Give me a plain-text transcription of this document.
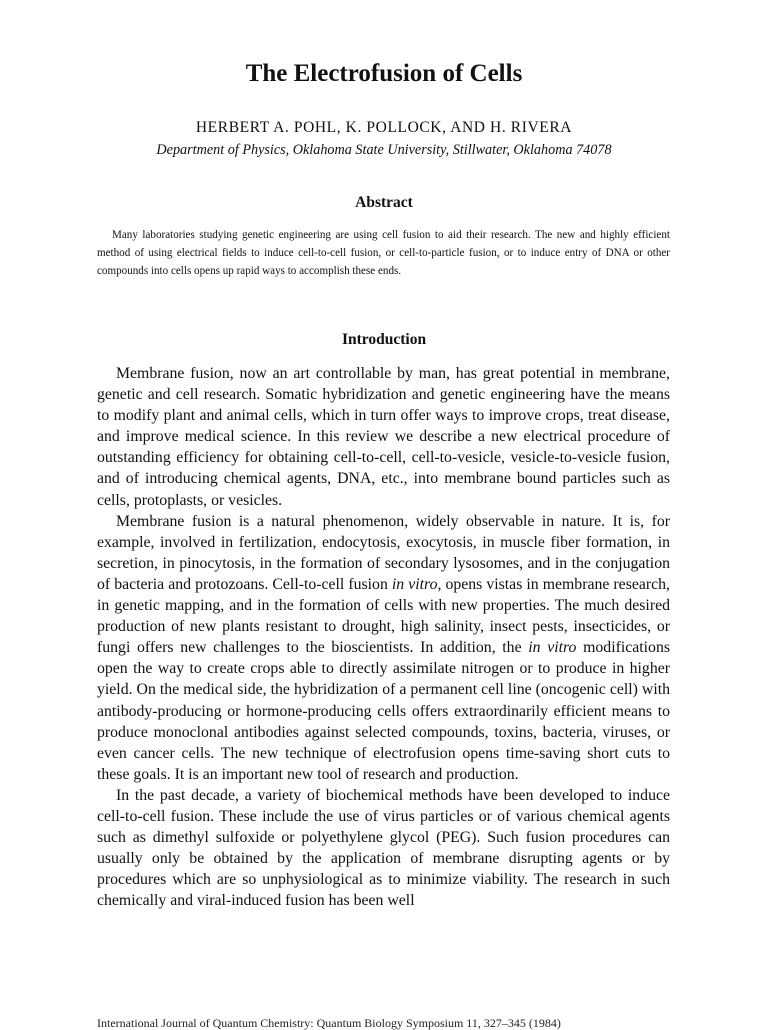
The Electrofusion of Cells
HERBERT A. POHL, K. POLLOCK, AND H. RIVERA
Department of Physics, Oklahoma State University, Stillwater, Oklahoma 74078
Abstract

Many laboratories studying genetic engineering are using cell fusion to aid their research. The new and highly efficient method of using electrical fields to induce cell-to-cell fusion, or cell-to-particle fusion, or to induce entry of DNA or other compounds into cells opens up rapid ways to accomplish these ends.

Introduction

Membrane fusion, now an art controllable by man, has great potential in membrane, genetic and cell research. Somatic hybridization and genetic engineering have the means to modify plant and animal cells, which in turn offer ways to improve crops, treat disease, and improve medical science. In this review we describe a new electrical procedure of outstanding efficiency for obtaining cell-to-cell, cell-to-vesicle, vesicle-to-vesicle fusion, and of introducing chemical agents, DNA, etc., into membrane bound particles such as cells, protoplasts, or vesicles.

Membrane fusion is a natural phenomenon, widely observable in nature. It is, for example, involved in fertilization, endocytosis, exocytosis, in muscle fiber formation, in secretion, in pinocytosis, in the formation of secondary lysosomes, and in the conjugation of bacteria and protozoans. Cell-to-cell fusion in vitro, opens vistas in membrane research, in genetic mapping, and in the formation of cells with new properties. The much desired production of new plants resistant to drought, high salinity, insect pests, insecticides, or fungi offers new challenges to the bioscientists. In addition, the in vitro modifications open the way to create crops able to directly assimilate nitrogen or to produce in higher yield. On the medical side, the hybridization of a permanent cell line (oncogenic cell) with antibody-producing or hormone-producing cells offers extraordinarily efficient means to produce monoclonal antibodies against selected compounds, toxins, bacteria, viruses, or even cancer cells. The new technique of electrofusion opens time-saving short cuts to these goals. It is an important new tool of research and production.

In the past decade, a variety of biochemical methods have been developed to induce cell-to-cell fusion. These include the use of virus particles or of various chemical agents such as dimethyl sulfoxide or polyethylene glycol (PEG). Such fusion procedures can usually only be obtained by the application of membrane disrupting agents or by procedures which are so unphysiological as to minimize viability. The research in such chemically and viral-induced fusion has been well

International Journal of Quantum Chemistry: Quantum Biology Symposium 11, 327–345 (1984)
